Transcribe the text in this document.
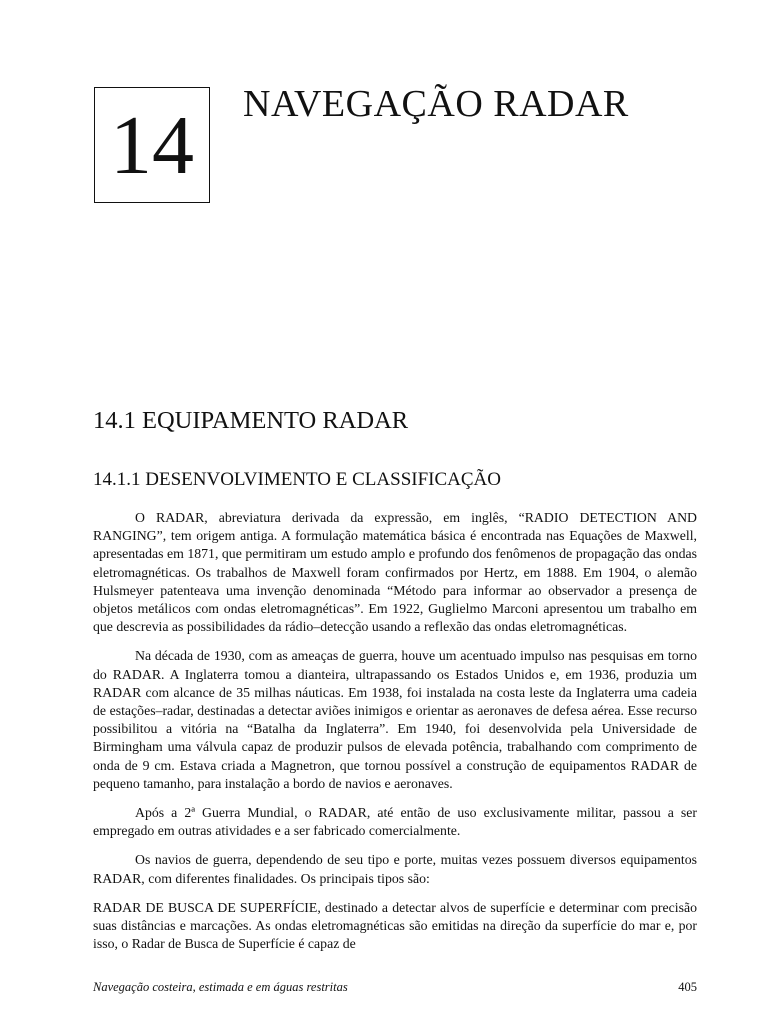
14	NAVEGAÇÃO RADAR
14.1 EQUIPAMENTO RADAR
14.1.1 DESENVOLVIMENTO E CLASSIFICAÇÃO

O RADAR, abreviatura derivada da expressão, em inglês, “RADIO DETECTION AND RANGING”, tem origem antiga. A formulação matemática básica é encontrada nas Equações de Maxwell, apresentadas em 1871, que permitiram um estudo amplo e profundo dos fenômenos de propagação das ondas eletromagnéticas. Os trabalhos de Maxwell foram confirmados por Hertz, em 1888. Em 1904, o alemão Hulsmeyer patenteava uma invenção denominada “Método para informar ao observador a presença de objetos metálicos com ondas eletromagnéticas”. Em 1922, Guglielmo Marconi apresentou um trabalho em que descrevia as possibilidades da rádio–detecção usando a reflexão das ondas eletromagnéticas.

Na década de 1930, com as ameaças de guerra, houve um acentuado impulso nas pesquisas em torno do RADAR. A Inglaterra tomou a dianteira, ultrapassando os Estados Unidos e, em 1936, produzia um RADAR com alcance de 35 milhas náuticas. Em 1938, foi instalada na costa leste da Inglaterra uma cadeia de estações–radar, destinadas a detectar aviões inimigos e orientar as aeronaves de defesa aérea. Esse recurso possibilitou a vitória na “Batalha da Inglaterra”. Em 1940, foi desenvolvida pela Universidade de Birmingham uma válvula capaz de produzir pulsos de elevada potência, trabalhando com comprimento de onda de 9 cm. Estava criada a Magnetron, que tornou possível a construção de equipamentos RADAR de pequeno tamanho, para instalação a bordo de navios e aeronaves.

Após a 2ª Guerra Mundial, o RADAR, até então de uso exclusivamente militar, passou a ser empregado em outras atividades e a ser fabricado comercialmente.

Os navios de guerra, dependendo de seu tipo e porte, muitas vezes possuem diversos equipamentos RADAR, com diferentes finalidades. Os principais tipos são:

RADAR DE BUSCA DE SUPERFÍCIE, destinado a detectar alvos de superfície e determinar com precisão suas distâncias e marcações. As ondas eletromagnéticas são emitidas na direção da superfície do mar e, por isso, o Radar de Busca de Superfície é capaz de

Navegação costeira, estimada e em águas restritas	405
